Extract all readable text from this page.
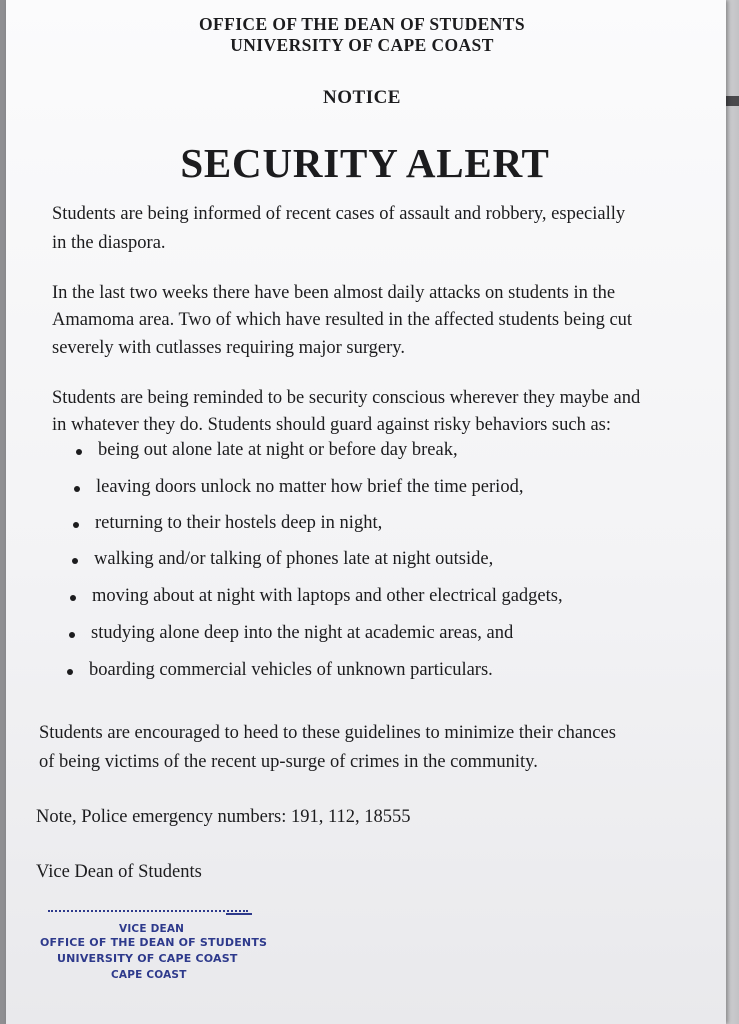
OFFICE OF THE DEAN OF STUDENTS
UNIVERSITY OF CAPE COAST
NOTICE
SECURITY ALERT
Students are being informed of recent cases of assault and robbery, especially
in the diaspora.
In the last two weeks there have been almost daily attacks on students in the
Amamoma area. Two of which have resulted in the affected students being cut
severely with cutlasses requiring major surgery.
Students are being reminded to be security conscious wherever they maybe and
in whatever they do. Students should guard against risky behaviors such as:
being out alone late at night or before day break,
leaving doors unlock no matter how brief the time period,
returning to their hostels deep in night,
walking and/or talking of phones late at night outside,
moving about at night with laptops and other electrical gadgets,
studying alone deep into the night at academic areas, and
boarding commercial vehicles of unknown particulars.
Students are encouraged to heed to these guidelines to minimize their chances
of being victims of the recent up-surge of crimes in the community.
Note, Police emergency numbers: 191, 112, 18555
Vice Dean of Students
VICE DEAN
OFFICE OF THE DEAN OF STUDENTS
UNIVERSITY OF CAPE COAST
CAPE COAST
